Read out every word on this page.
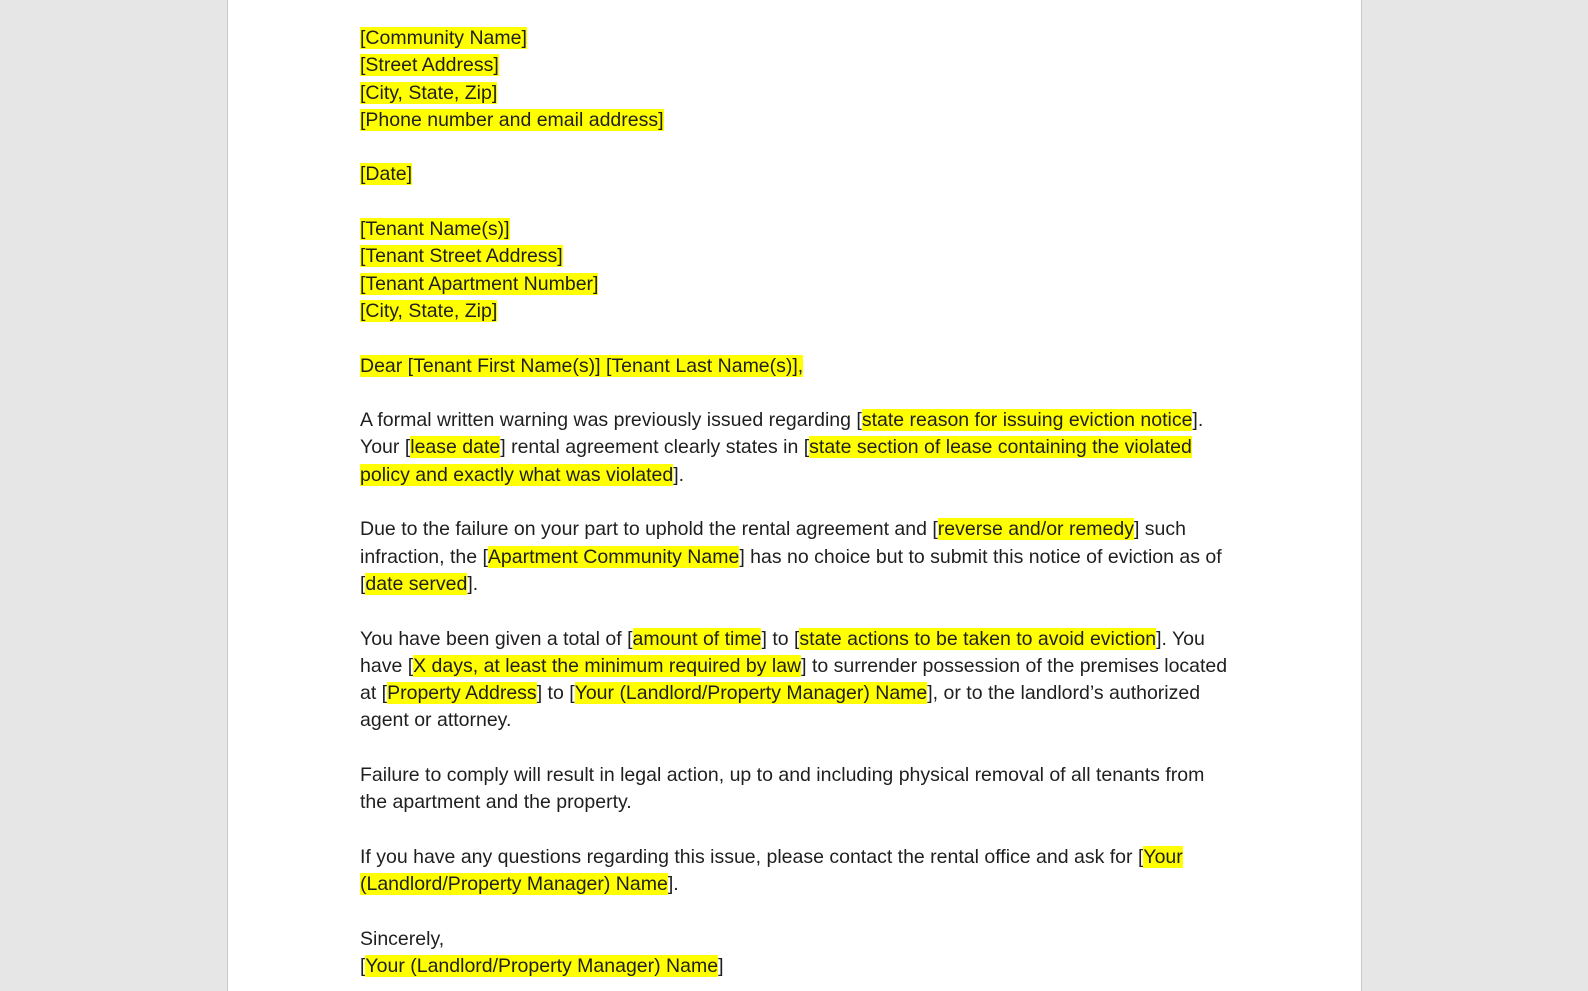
[Community Name]
[Street Address]
[City, State, Zip]
[Phone number and email address]

[Date]

[Tenant Name(s)]
[Tenant Street Address]
[Tenant Apartment Number]
[City, State, Zip]

Dear [Tenant First Name(s)] [Tenant Last Name(s)],

A formal written warning was previously issued regarding [state reason for issuing eviction notice]. Your [lease date] rental agreement clearly states in [state section of lease containing the violated policy and exactly what was violated].

Due to the failure on your part to uphold the rental agreement and [reverse and/or remedy] such infraction, the [Apartment Community Name] has no choice but to submit this notice of eviction as of [date served].

You have been given a total of [amount of time] to [state actions to be taken to avoid eviction]. You have [X days, at least the minimum required by law] to surrender possession of the premises located at [Property Address] to [Your (Landlord/Property Manager) Name], or to the landlord’s authorized agent or attorney.

Failure to comply will result in legal action, up to and including physical removal of all tenants from the apartment and the property.

If you have any questions regarding this issue, please contact the rental office and ask for [Your (Landlord/Property Manager) Name].

Sincerely,
[Your (Landlord/Property Manager) Name]
